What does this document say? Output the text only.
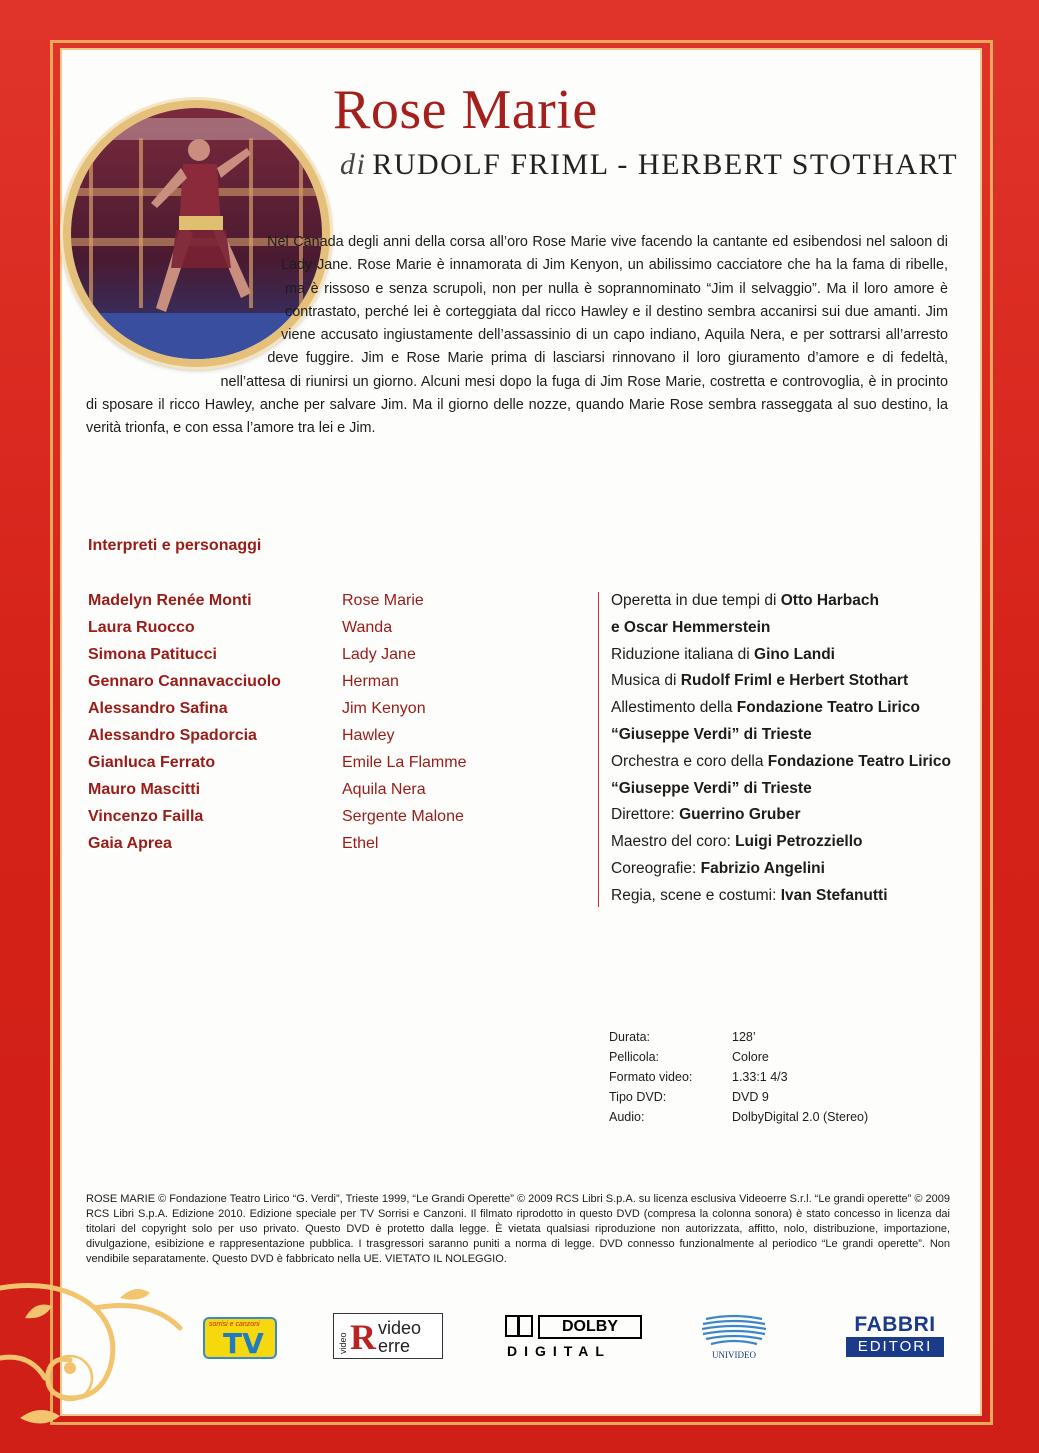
Rose Marie
di RUDOLF FRIML - HERBERT STOTHART

Nel Canada degli anni della corsa all’oro Rose Marie vive facendo la cantante ed esibendosi nel saloon di Lady Jane. Rose Marie è innamorata di Jim Kenyon, un abilissimo cacciatore che ha la fama di ribelle, ma è rissoso e senza scrupoli, non per nulla è soprannominato “Jim il selvaggio”. Ma il loro amore è contrastato, perché lei è corteggiata dal ricco Hawley e il destino sembra accanirsi sui due amanti. Jim viene accusato ingiustamente dell’assassinio di un capo indiano, Aquila Nera, e per sottrarsi all’arresto deve fuggire. Jim e Rose Marie prima di lasciarsi rinnovano il loro giuramento d’amore e di fedeltà, nell’attesa di riunirsi un giorno. Alcuni mesi dopo la fuga di Jim Rose Marie, costretta e controvoglia, è in procinto di sposare il ricco Hawley, anche per salvare Jim. Ma il giorno delle nozze, quando Marie Rose sembra rasseggata al suo destino, la verità trionfa, e con essa l’amore tra lei e Jim.

Interpreti e personaggi
Madelyn Renée Monti
Laura Ruocco
Simona Patitucci
Gennaro Cannavacciuolo
Alessandro Safina
Alessandro Spadorcia
Gianluca Ferrato
Mauro Mascitti
Vincenzo Failla
Gaia Aprea
Rose Marie
Wanda
Lady Jane
Herman
Jim Kenyon
Hawley
Emile La Flamme
Aquila Nera
Sergente Malone
Ethel
Operetta in due tempi di Otto Harbach
e Oscar Hemmerstein
Riduzione italiana di Gino Landi
Musica di Rudolf Friml e Herbert Stothart
Allestimento della Fondazione Teatro Lirico
“Giuseppe Verdi” di Trieste
Orchestra e coro della Fondazione Teatro Lirico
“Giuseppe Verdi” di Trieste
Direttore: Guerrino Gruber
Maestro del coro: Luigi Petrozziello
Coreografie: Fabrizio Angelini
Regia, scene e costumi: Ivan Stefanutti
Durata:
Pellicola:
Formato video:
Tipo DVD:
Audio:
128’
Colore
1.33:1 4/3
DVD 9
DolbyDigital 2.0 (Stereo)

ROSE MARIE © Fondazione Teatro Lirico “G. Verdi”, Trieste 1999, “Le Grandi Operette” © 2009 RCS Libri S.p.A. su licenza esclusiva Videoerre S.r.l. “Le grandi operette” © 2009 RCS Libri S.p.A. Edizione 2010. Edizione speciale per TV Sorrisi e Canzoni. Il filmato riprodotto in questo DVD (compresa la colonna sonora) è stato concesso in licenza dai titolari del copyright solo per uso privato. Questo DVD è protetto dalla legge. È vietata qualsiasi riproduzione non autorizzata, affitto, nolo, distribuzione, importazione, divulgazione, esibizione e rappresentazione pubblica. I trasgressori saranno puniti a norma di legge. DVD connesso funzionalmente al periodico “Le grandi operette”. Non vendibile separatamente. Questo DVD è fabbricato nella UE. VIETATO IL NOLEGGIO.

sorrisi e canzoni
TV	video R video
erre
DOLBY
DIGITAL	UNIVIDEO
FABBRI
EDITORI
